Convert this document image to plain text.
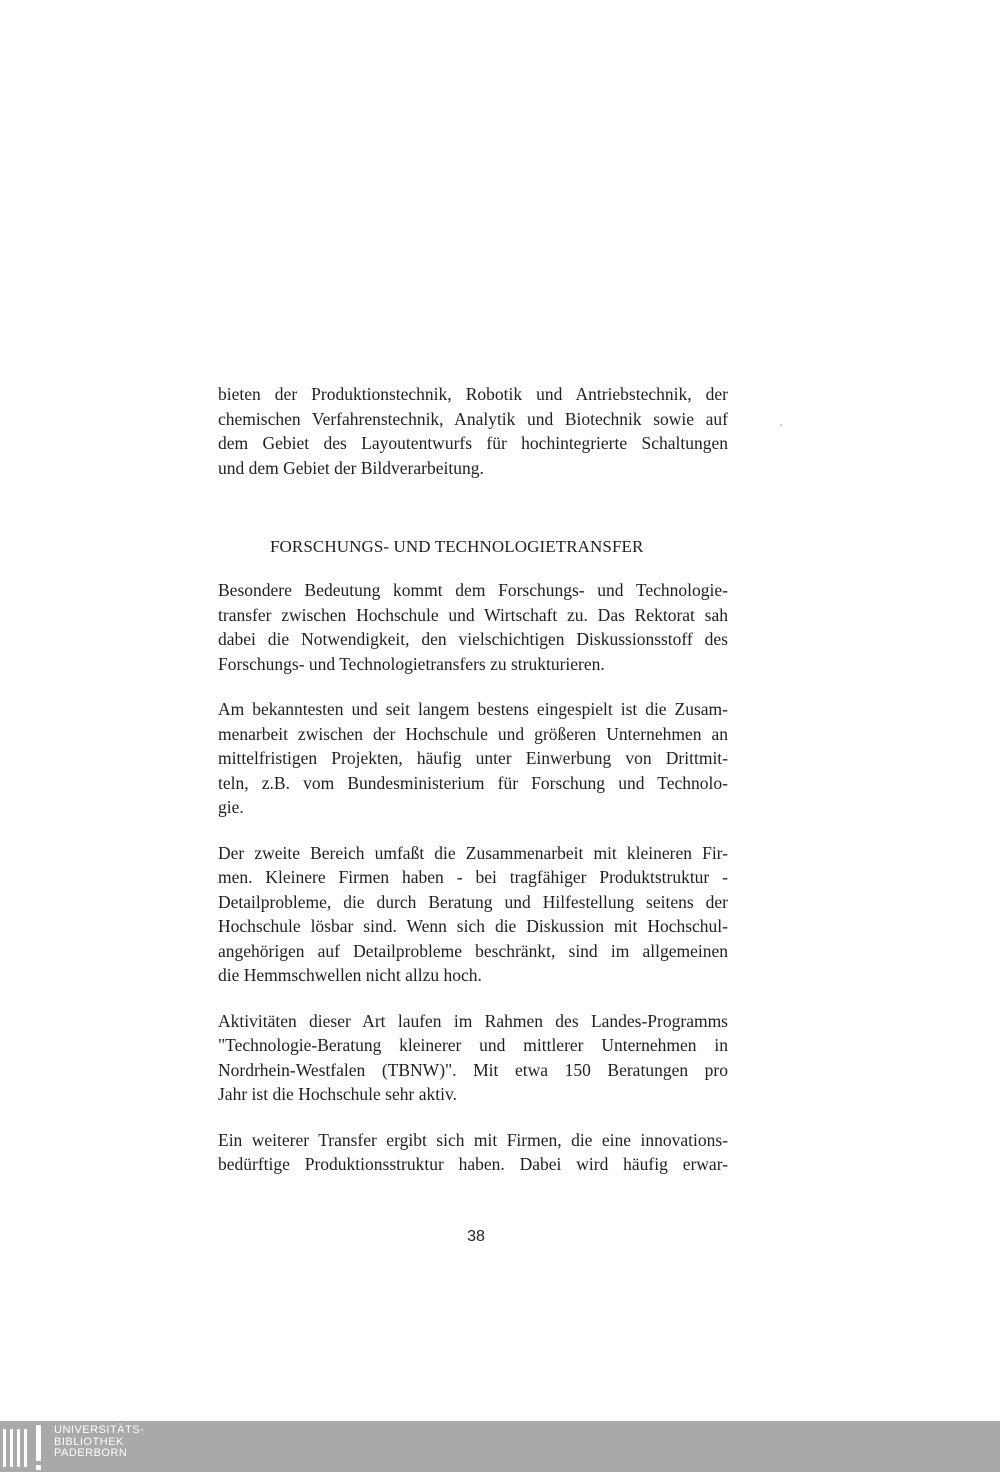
bieten der Produktionstechnik, Robotik und Antriebstechnik, der
chemischen Verfahrenstechnik, Analytik und Biotechnik sowie auf
dem Gebiet des Layoutentwurfs für hochintegrierte Schaltungen
und dem Gebiet der Bildverarbeitung.

FORSCHUNGS- UND TECHNOLOGIETRANSFER

Besondere Bedeutung kommt dem Forschungs- und Technologie-
transfer zwischen Hochschule und Wirtschaft zu. Das Rektorat sah
dabei die Notwendigkeit, den vielschichtigen Diskussionsstoff des
Forschungs- und Technologietransfers zu strukturieren.

Am bekanntesten und seit langem bestens eingespielt ist die Zusam-
menarbeit zwischen der Hochschule und größeren Unternehmen an
mittelfristigen Projekten, häufig unter Einwerbung von Drittmit-
teln, z.B. vom Bundesministerium für Forschung und Technolo-
gie.

Der zweite Bereich umfaßt die Zusammenarbeit mit kleineren Fir-
men. Kleinere Firmen haben - bei tragfähiger Produktstruktur -
Detailprobleme, die durch Beratung und Hilfestellung seitens der
Hochschule lösbar sind. Wenn sich die Diskussion mit Hochschul-
angehörigen auf Detailprobleme beschränkt, sind im allgemeinen
die Hemmschwellen nicht allzu hoch.

Aktivitäten dieser Art laufen im Rahmen des Landes-Programms
"Technologie-Beratung kleinerer und mittlerer Unternehmen in
Nordrhein-Westfalen (TBNW)". Mit etwa 150 Beratungen pro
Jahr ist die Hochschule sehr aktiv.

Ein weiterer Transfer ergibt sich mit Firmen, die eine innovations-
bedürftige Produktionsstruktur haben. Dabei wird häufig erwar-

38
UNIVERSITÄTS-
BIBLIOTHEK
PADERBORN
